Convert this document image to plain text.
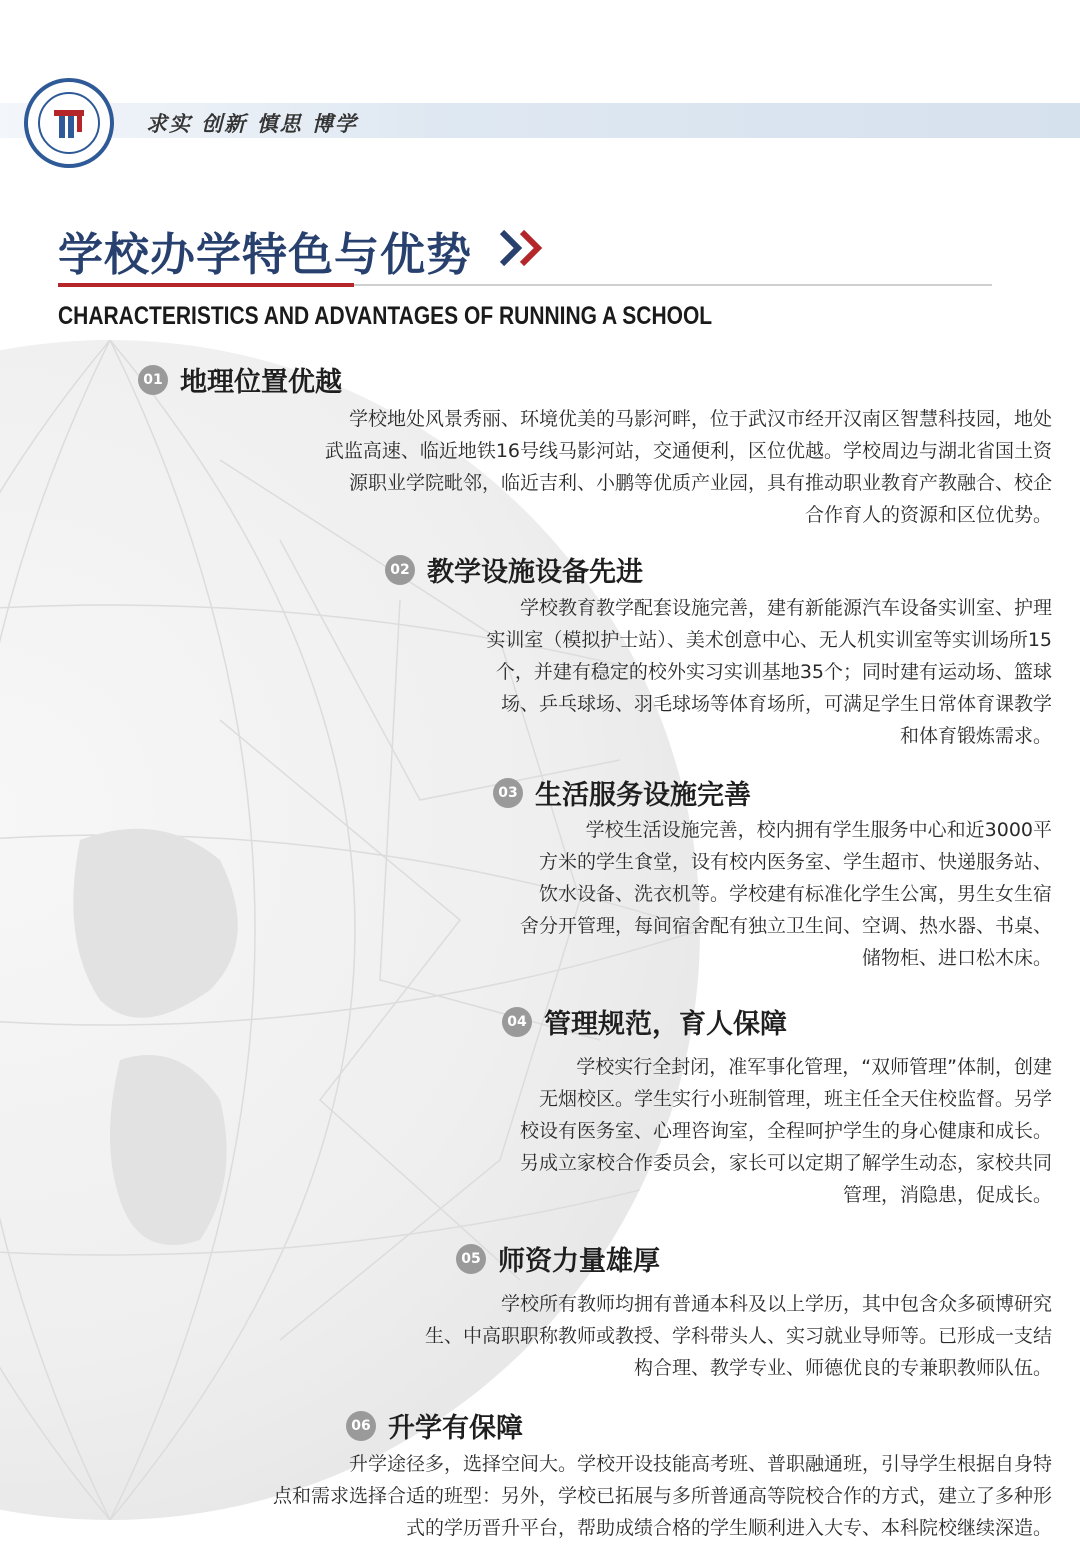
求实 创新 慎思 博学
学校办学特色与优势
CHARACTERISTICS AND ADVANTAGES OF RUNNING A SCHOOL
01 地理位置优越
学校地处风景秀丽、环境优美的马影河畔，位于武汉市经开汉南区智慧科技园，地处
武监高速、临近地铁16号线马影河站，交通便利，区位优越。学校周边与湖北省国土资
源职业学院毗邻，临近吉利、小鹏等优质产业园，具有推动职业教育产教融合、校企
合作育人的资源和区位优势。
02 教学设施设备先进
学校教育教学配套设施完善，建有新能源汽车设备实训室、护理
实训室（模拟护士站）、美术创意中心、无人机实训室等实训场所15
个，并建有稳定的校外实习实训基地35个；同时建有运动场、篮球
场、乒乓球场、羽毛球场等体育场所，可满足学生日常体育课教学
和体育锻炼需求。
03 生活服务设施完善
学校生活设施完善，校内拥有学生服务中心和近3000平
方米的学生食堂，设有校内医务室、学生超市、快递服务站、
饮水设备、洗衣机等。学校建有标准化学生公寓，男生女生宿
舍分开管理，每间宿舍配有独立卫生间、空调、热水器、书桌、
储物柜、进口松木床。
04 管理规范，育人保障
学校实行全封闭，准军事化管理，“双师管理”体制，创建
无烟校区。学生实行小班制管理，班主任全天住校监督。另学
校设有医务室、心理咨询室，全程呵护学生的身心健康和成长。
另成立家校合作委员会，家长可以定期了解学生动态，家校共同
管理，消隐患，促成长。
05 师资力量雄厚
学校所有教师均拥有普通本科及以上学历，其中包含众多硕博研究
生、中高职职称教师或教授、学科带头人、实习就业导师等。已形成一支结
构合理、教学专业、师德优良的专兼职教师队伍。
06 升学有保障
升学途径多，选择空间大。学校开设技能高考班、普职融通班，引导学生根据自身特
点和需求选择合适的班型：另外，学校已拓展与多所普通高等院校合作的方式，建立了多种形
式的学历晋升平台，帮助成绩合格的学生顺利进入大专、本科院校继续深造。
